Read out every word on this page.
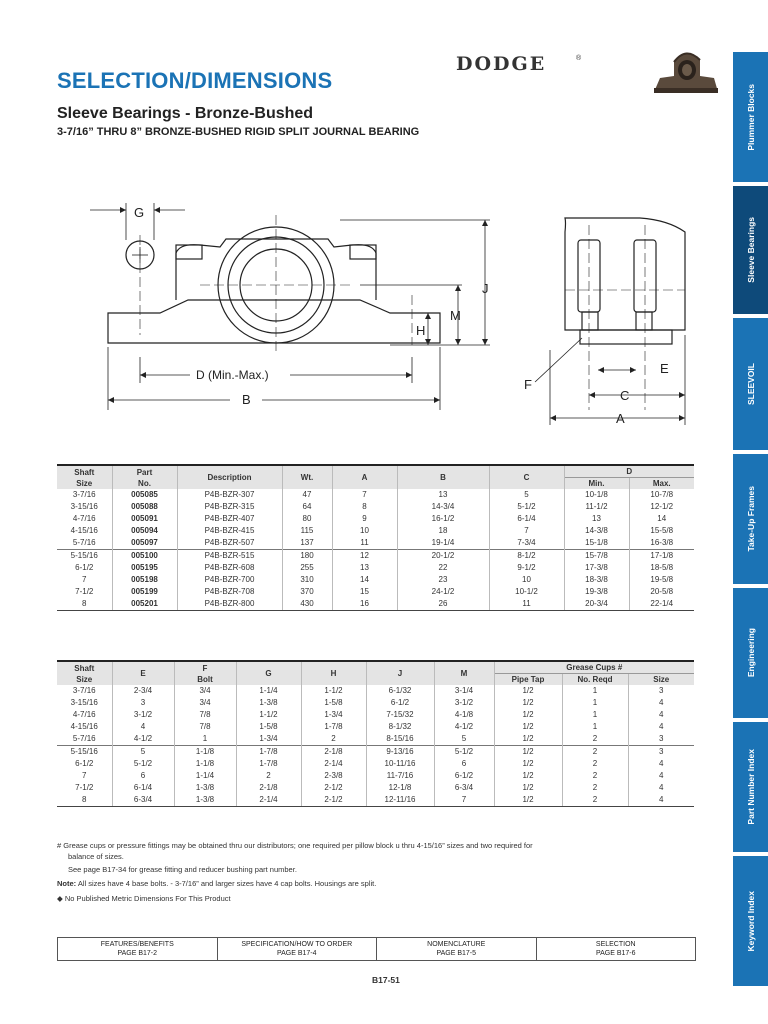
SELECTION/DIMENSIONS
Sleeve Bearings - Bronze-Bushed
3-7/16” THRU 8” BRONZE-BUSHED RIGID SPLIT JOURNAL BEARING
DODGE	®
Plummer Blocks
Sleeve Bearings
SLEEVOIL
Take-Up Frames
Engineering
Part Number Index
Keyword Index
G
J
M
H
D (Min.-Max.)
B
E
F
C
A
Shaft
Size	Part
No.	Description	Wt.	A	B	C	D	
							Min.	Max.
3-7/16	005085	P4B-BZR-307	47	7	13	5	10-1/8	10-7/8
3-15/16	005088	P4B-BZR-315	64	8	14-3/4	5-1/2	11-1/2	12-1/2
4-7/16	005091	P4B-BZR-407	80	9	16-1/2	6-1/4	13	14
4-15/16	005094	P4B-BZR-415	115	10	18	7	14-3/8	15-5/8
5-7/16	005097	P4B-BZR-507	137	11	19-1/4	7-3/4	15-1/8	16-3/8
5-15/16	005100	P4B-BZR-515	180	12	20-1/2	8-1/2	15-7/8	17-1/8
6-1/2	005195	P4B-BZR-608	255	13	22	9-1/2	17-3/8	18-5/8
7	005198	P4B-BZR-700	310	14	23	10	18-3/8	19-5/8
7-1/2	005199	P4B-BZR-708	370	15	24-1/2	10-1/2	19-3/8	20-5/8
8	005201	P4B-BZR-800	430	16	26	11	20-3/4	22-1/4
Shaft
Size	E	F
Bolt	G	H	J	M	Grease Cups #		
							Pipe Tap	No. Reqd	Size
3-7/16	2-3/4	3/4	1-1/4	1-1/2	6-1/32	3-1/4	1/2	1	3
3-15/16	3	3/4	1-3/8	1-5/8	6-1/2	3-1/2	1/2	1	4
4-7/16	3-1/2	7/8	1-1/2	1-3/4	7-15/32	4-1/8	1/2	1	4
4-15/16	4	7/8	1-5/8	1-7/8	8-1/32	4-1/2	1/2	1	4
5-7/16	4-1/2	1	1-3/4	2	8-15/16	5	1/2	2	3
5-15/16	5	1-1/8	1-7/8	2-1/8	9-13/16	5-1/2	1/2	2	3
6-1/2	5-1/2	1-1/8	1-7/8	2-1/4	10-11/16	6	1/2	2	4
7	6	1-1/4	2	2-3/8	11-7/16	6-1/2	1/2	2	4
7-1/2	6-1/4	1-3/8	2-1/8	2-1/2	12-1/8	6-3/4	1/2	2	4
8	6-3/4	1-3/8	2-1/4	2-1/2	12-11/16	7	1/2	2	4
# Grease cups or pressure fittings may be obtained thru our distributors; one required per pillow block u thru 4-15/16” sizes and two required for
balance of sizes.
See page B17-34 for grease fitting and reducer bushing part number.
Note: All sizes have 4 base bolts. - 3-7/16” and larger sizes have 4 cap bolts. Housings are split.
◆ No Published Metric Dimensions For This Product
FEATURES/BENEFITS
PAGE B17-2
SPECIFICATION/HOW TO ORDER
PAGE B17-4
NOMENCLATURE
PAGE B17-5
SELECTION
PAGE B17-6
B17-51
